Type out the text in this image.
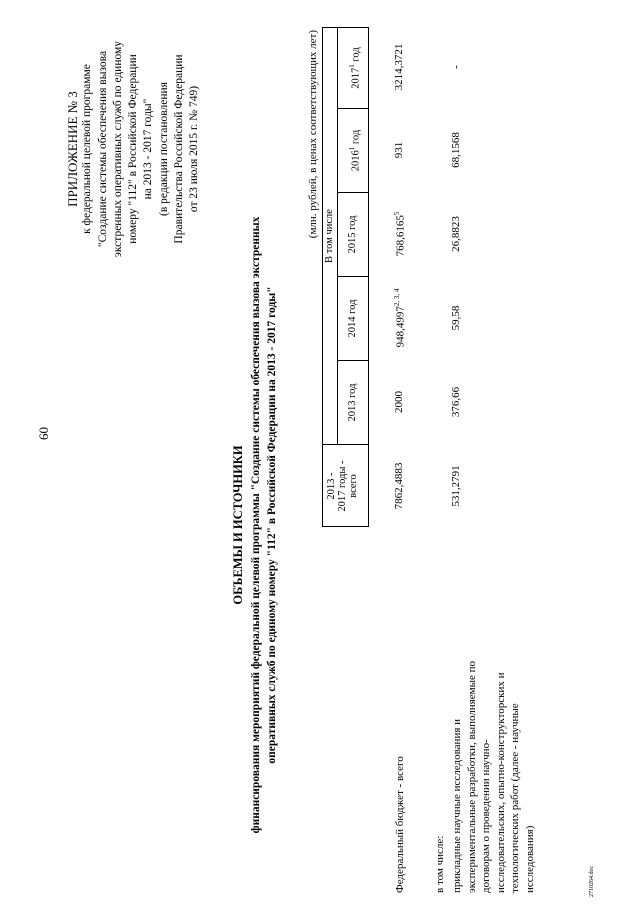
60
2710264.doc
ПРИЛОЖЕНИЕ № 3 к федеральной целевой программе "Создание системы обеспечения вызова экстренных оперативных служб по единому номеру "112" в Российской Федерации на 2013 - 2017 годы" (в редакции постановления Правительства Российской Федерации от 23 июля 2015 г. № 749)
ОБЪЕМЫ И ИСТОЧНИКИ финансирования мероприятий федеральной целевой программы "Создание системы обеспечения вызова экстренных оперативных служб по единому номеру "112" в Российской Федерации на 2013 - 2017 годы"
(млн. рублей, в ценах соответствующих лет)
2013 - 2017 годы - всего
В том числе
2013 год
2014 год
2015 год
2016$^1$ год
2017$^1$ год
Федеральный бюджет - всего
7862,4883
2000
948,4997$^{2, 3, 4}$
768,6165$^5$
931
3214,3721
в том числе: прикладные научные исследования и экспериментальные разработки, выполняемые по договорам о проведении научно- исследовательских, опытно-конструкторских и технологических работ (далее - научные исследования)
531,2791
376,66
59,58
26,8823
68,1568
-
